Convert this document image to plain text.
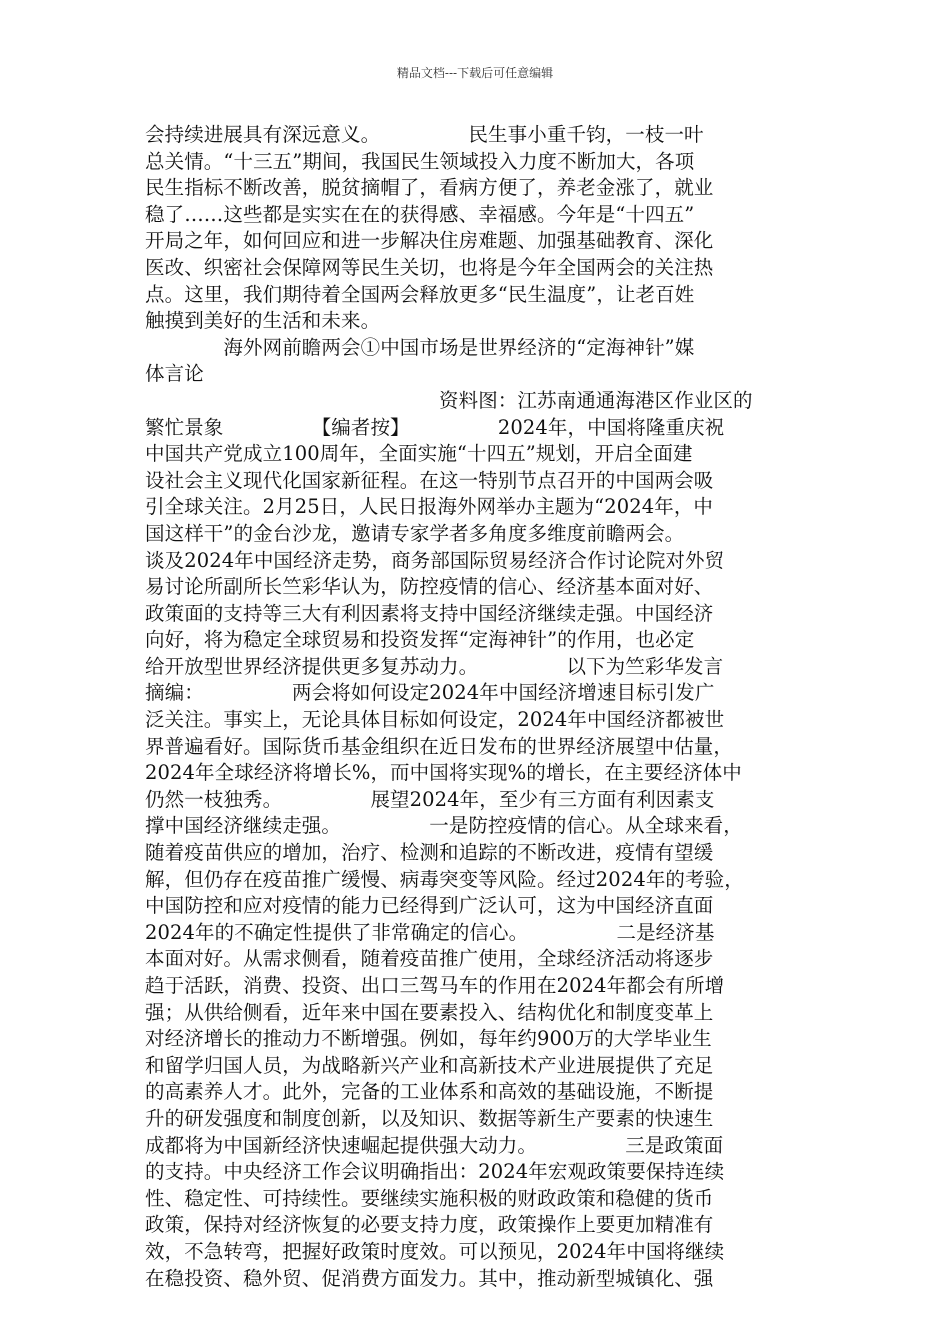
精品文档---下载后可任意编辑
会持续进展具有深远意义。　　　　　民生事小重千钧，一枝一叶
总关情。“十三五”期间，我国民生领域投入力度不断加大，各项
民生指标不断改善，脱贫摘帽了，看病方便了，养老金涨了，就业
稳了……这些都是实实在在的获得感、幸福感。今年是“十四五”
开局之年，如何回应和进一步解决住房难题、加强基础教育、深化
医改、织密社会保障网等民生关切，也将是今年全国两会的关注热
点。这里，我们期待着全国两会释放更多“民生温度”，让老百姓
触摸到美好的生活和未来。
　　　　海外网前瞻两会①中国市场是世界经济的“定海神针”媒
体言论
　　　　　　　　　　　　　　　资料图：江苏南通通海港区作业区的
繁忙景象　　　　　【编者按】　　　　　2024年，中国将隆重庆祝
中国共产党成立100周年，全面实施“十四五”规划，开启全面建
设社会主义现代化国家新征程。在这一特别节点召开的中国两会吸
引全球关注。2月25日，人民日报海外网举办主题为“2024年，中
国这样干”的金台沙龙，邀请专家学者多角度多维度前瞻两会。
谈及2024年中国经济走势，商务部国际贸易经济合作讨论院对外贸
易讨论所副所长竺彩华认为，防控疫情的信心、经济基本面对好、
政策面的支持等三大有利因素将支持中国经济继续走强。中国经济
向好，将为稳定全球贸易和投资发挥“定海神针”的作用，也必定
给开放型世界经济提供更多复苏动力。　　　　　以下为竺彩华发言
摘编：　　　　　两会将如何设定2024年中国经济增速目标引发广
泛关注。事实上，无论具体目标如何设定，2024年中国经济都被世
界普遍看好。国际货币基金组织在近日发布的世界经济展望中估量，
2024年全球经济将增长%，而中国将实现%的增长，在主要经济体中
仍然一枝独秀。　　　　　展望2024年，至少有三方面有利因素支
撑中国经济继续走强。　　　　　一是防控疫情的信心。从全球来看，
随着疫苗供应的增加，治疗、检测和追踪的不断改进，疫情有望缓
解，但仍存在疫苗推广缓慢、病毒突变等风险。经过2024年的考验，
中国防控和应对疫情的能力已经得到广泛认可，这为中国经济直面
2024年的不确定性提供了非常确定的信心。　　　　　二是经济基
本面对好。从需求侧看，随着疫苗推广使用，全球经济活动将逐步
趋于活跃，消费、投资、出口三驾马车的作用在2024年都会有所增
强；从供给侧看，近年来中国在要素投入、结构优化和制度变革上
对经济增长的推动力不断增强。例如，每年约900万的大学毕业生
和留学归国人员，为战略新兴产业和高新技术产业进展提供了充足
的高素养人才。此外，完备的工业体系和高效的基础设施，不断提
升的研发强度和制度创新，以及知识、数据等新生产要素的快速生
成都将为中国新经济快速崛起提供强大动力。　　　　　三是政策面
的支持。中央经济工作会议明确指出：2024年宏观政策要保持连续
性、稳定性、可持续性。要继续实施积极的财政政策和稳健的货币
政策，保持对经济恢复的必要支持力度，政策操作上要更加精准有
效，不急转弯，把握好政策时度效。可以预见，2024年中国将继续
在稳投资、稳外贸、促消费方面发力。其中，推动新型城镇化、强
